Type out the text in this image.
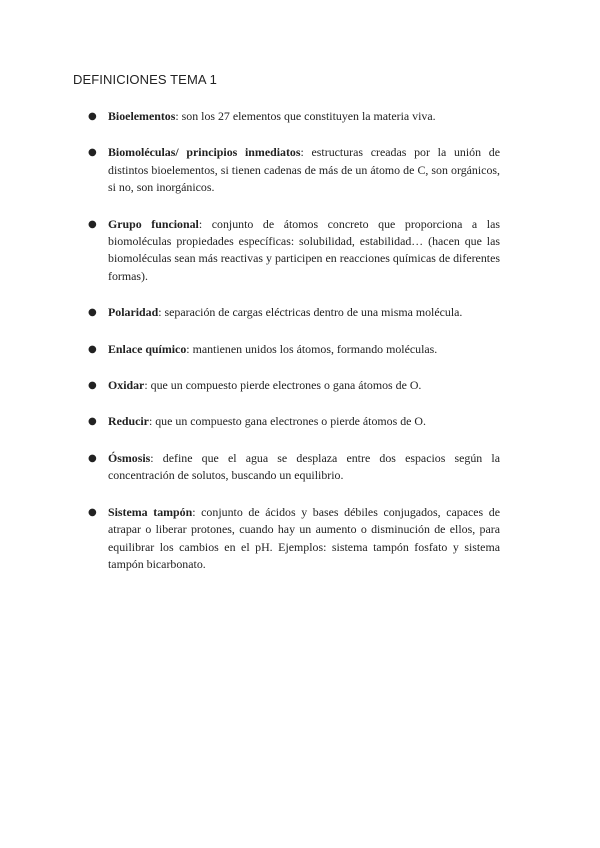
DEFINICIONES TEMA 1
● Bioelementos: son los 27 elementos que constituyen la materia viva.
● Biomoléculas/ principios inmediatos: estructuras creadas por la unión de distintos bioelementos, si tienen cadenas de más de un átomo de C, son orgánicos, si no, son inorgánicos.
● Grupo funcional: conjunto de átomos concreto que proporciona a las biomoléculas propiedades específicas: solubilidad, estabilidad… (hacen que las biomoléculas sean más reactivas y participen en reacciones químicas de diferentes formas).
● Polaridad: separación de cargas eléctricas dentro de una misma molécula.
● Enlace químico: mantienen unidos los átomos, formando moléculas.
● Oxidar: que un compuesto pierde electrones o gana átomos de O.
● Reducir: que un compuesto gana electrones o pierde átomos de O.
● Ósmosis: define que el agua se desplaza entre dos espacios según la concentración de solutos, buscando un equilibrio.
● Sistema tampón: conjunto de ácidos y bases débiles conjugados, capaces de atrapar o liberar protones, cuando hay un aumento o disminución de ellos, para equilibrar los cambios en el pH. Ejemplos: sistema tampón fosfato y sistema tampón bicarbonato.
